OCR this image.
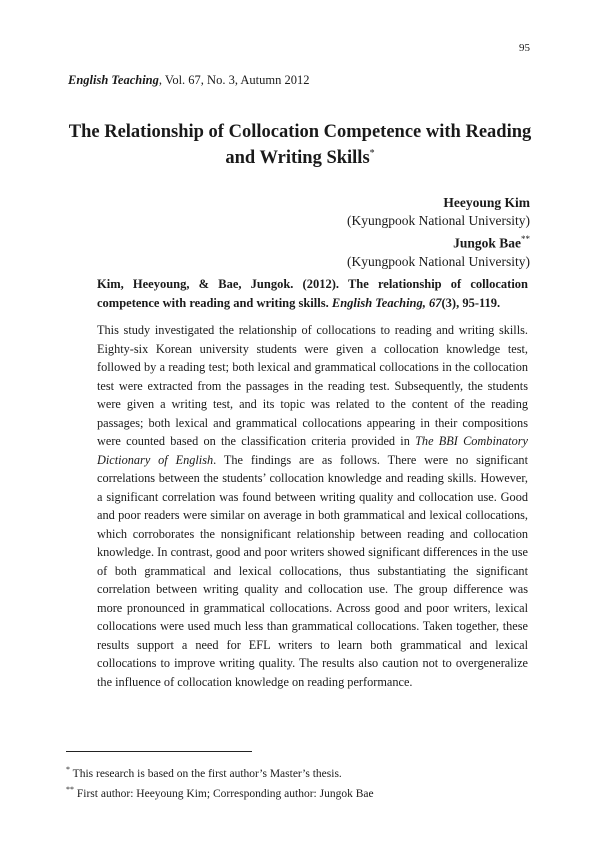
95
English Teaching, Vol. 67, No. 3, Autumn 2012
The Relationship of Collocation Competence with Reading
and Writing Skills*
Heeyoung Kim
(Kyungpook National University)
Jungok Bae**
(Kyungpook National University)
Kim, Heeyoung, & Bae, Jungok. (2012). The relationship of collocation competence with reading and writing skills. English Teaching, 67(3), 95-119.
This study investigated the relationship of collocations to reading and writing skills. Eighty-six Korean university students were given a collocation knowledge test, followed by a reading test; both lexical and grammatical collocations in the collocation test were extracted from the passages in the reading test. Subsequently, the students were given a writing test, and its topic was related to the content of the reading passages; both lexical and grammatical collocations appearing in their compositions were counted based on the classification criteria provided in The BBI Combinatory Dictionary of English. The findings are as follows. There were no significant correlations between the students’ collocation knowledge and reading skills. However, a significant correlation was found between writing quality and collocation use. Good and poor readers were similar on average in both grammatical and lexical collocations, which corroborates the nonsignificant relationship between reading and collocation knowledge. In contrast, good and poor writers showed significant differences in the use of both grammatical and lexical collocations, thus substantiating the significant correlation between writing quality and collocation use. The group difference was more pronounced in grammatical collocations. Across good and poor writers, lexical collocations were used much less than grammatical collocations. Taken together, these results support a need for EFL writers to learn both grammatical and lexical collocations to improve writing quality. The results also caution not to overgeneralize the influence of collocation knowledge on reading performance.
* This research is based on the first author’s Master’s thesis.
** First author: Heeyoung Kim; Corresponding author: Jungok Bae
